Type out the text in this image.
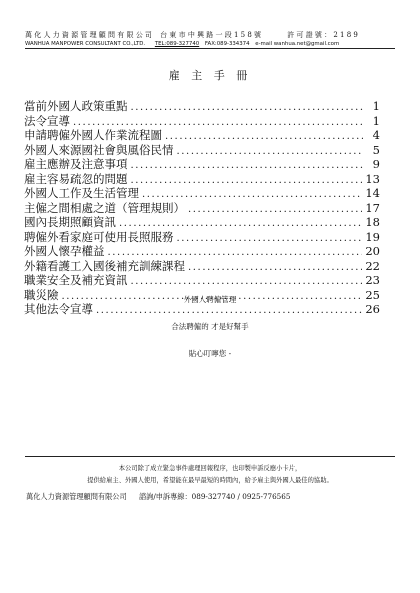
萬 化 人 力 資 源 管 理 顧 問 有 限 公 司 台 東 市 中 興 路 一 段 1 5 8 號	許 可 證 號 ： 2 1 8 9
WANHUA MANPOWER CONSULTANT CO.,LTD. TEL:089-327740 FAX:089-334374 e-mail wanhua.net@gmail.com
雇 主 手 冊
當前外國人政策重點 .....	1
法令宣導 .....	1
申請聘僱外國人作業流程圖 .....	4
外國人來源國社會與風俗民情 .....	5
雇主應辦及注意事項 .....	9
雇主容易疏忽的問題 .....	13
外國人工作及生活管理 .....	14
主僱之間相處之道（管理規則） .....	17
國內長期照顧資訊 .....	18
聘僱外看家庭可使用長照服務 .....	19
外國人懷孕權益 .....	20
外籍看護工入國後補充訓練課程 .....	22
職業安全及補充資訊 .....	23
職災險 .....	25
其他法令宣導 .....	26
外國人聘僱管理
合法聘僱的 才是好幫手
貼心叮嚀您 -
本公司除了成立緊急事件處理回報程序，也印製申訴反應小卡片，
提供給雇主、外國人使用，希望能在最早最短的時間內，給予雇主與外國人最佳的協助。
萬化人力資源管理顧問有限公司 諮詢/申訴專線：089-327740 / 0925-776565
